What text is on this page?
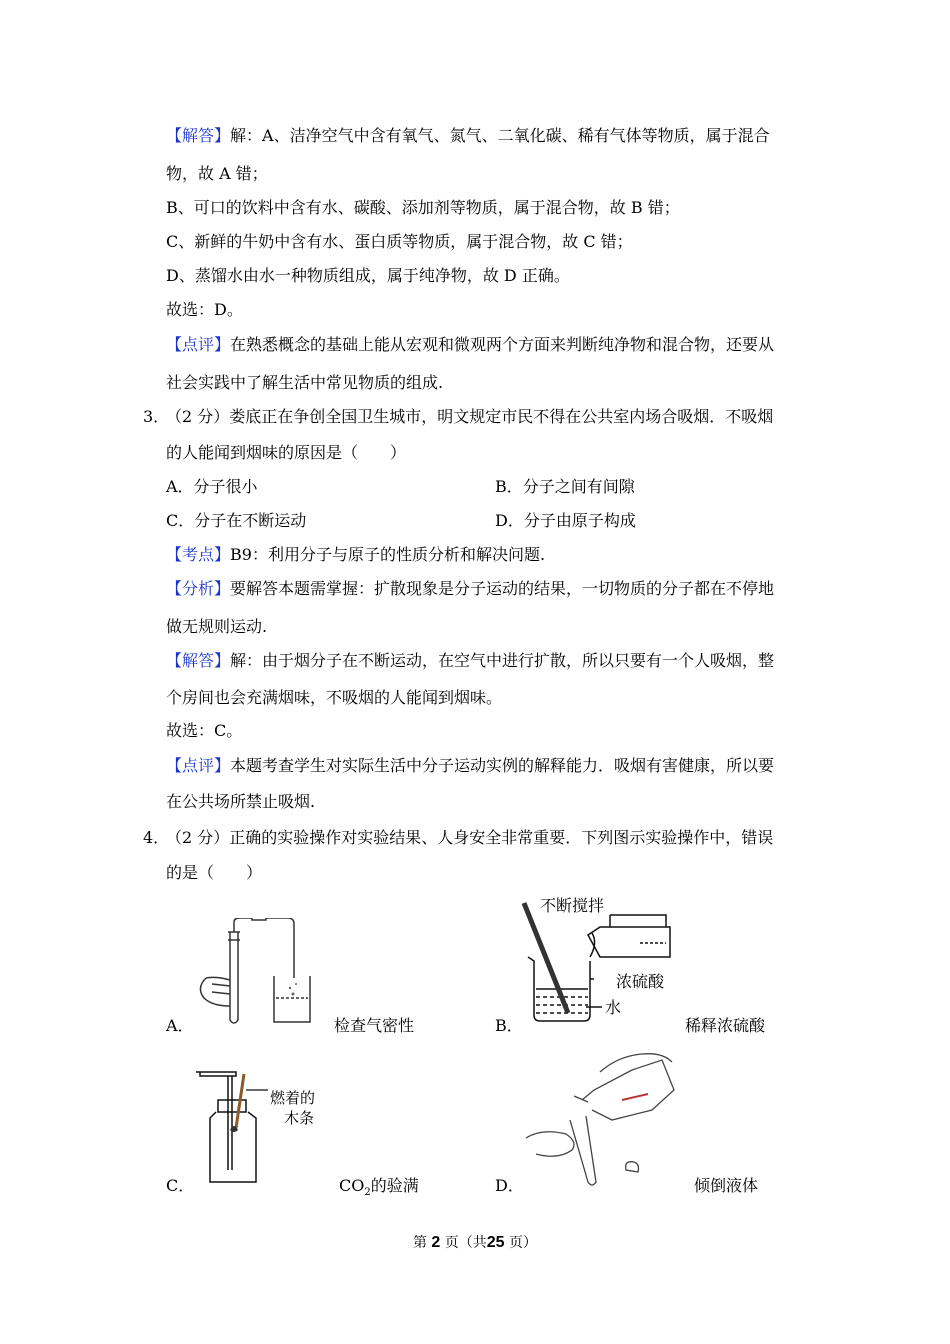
【解答】解：A、洁净空气中含有氧气、氮气、二氧化碳、稀有气体等物质，属于混合
物，故 A 错；
B、可口的饮料中含有水、碳酸、添加剂等物质，属于混合物，故 B 错；
C、新鲜的牛奶中含有水、蛋白质等物质，属于混合物，故 C 错；
D、蒸馏水由水一种物质组成，属于纯净物，故 D 正确。
故选：D。
【点评】在熟悉概念的基础上能从宏观和微观两个方面来判断纯净物和混合物，还要从
社会实践中了解生活中常见物质的组成.
3．
（2 分）娄底正在争创全国卫生城市，明文规定市民不得在公共室内场合吸烟．不吸烟
的人能闻到烟味的原因是（　　）
A．分子很小	B．分子之间有间隙
C．分子在不断运动	D．分子由原子构成
【考点】B9：利用分子与原子的性质分析和解决问题.
【分析】要解答本题需掌握：扩散现象是分子运动的结果，一切物质的分子都在不停地
做无规则运动.
【解答】解：由于烟分子在不断运动，在空气中进行扩散，所以只要有一个人吸烟，整
个房间也会充满烟味，不吸烟的人能闻到烟味。
故选：C。
【点评】本题考查学生对实际生活中分子运动实例的解释能力．吸烟有害健康，所以要
在公共场所禁止吸烟.
4．
（2 分）正确的实验操作对实验结果、人身安全非常重要．下列图示实验操作中，错误
的是（　　）
A．	检查气密性
不断搅拌
浓硫酸
水
B．	稀释浓硫酸
燃着的
木条
C．	$CO_2$的验满	D．	倾倒液体
第 2 页（共25 页）
